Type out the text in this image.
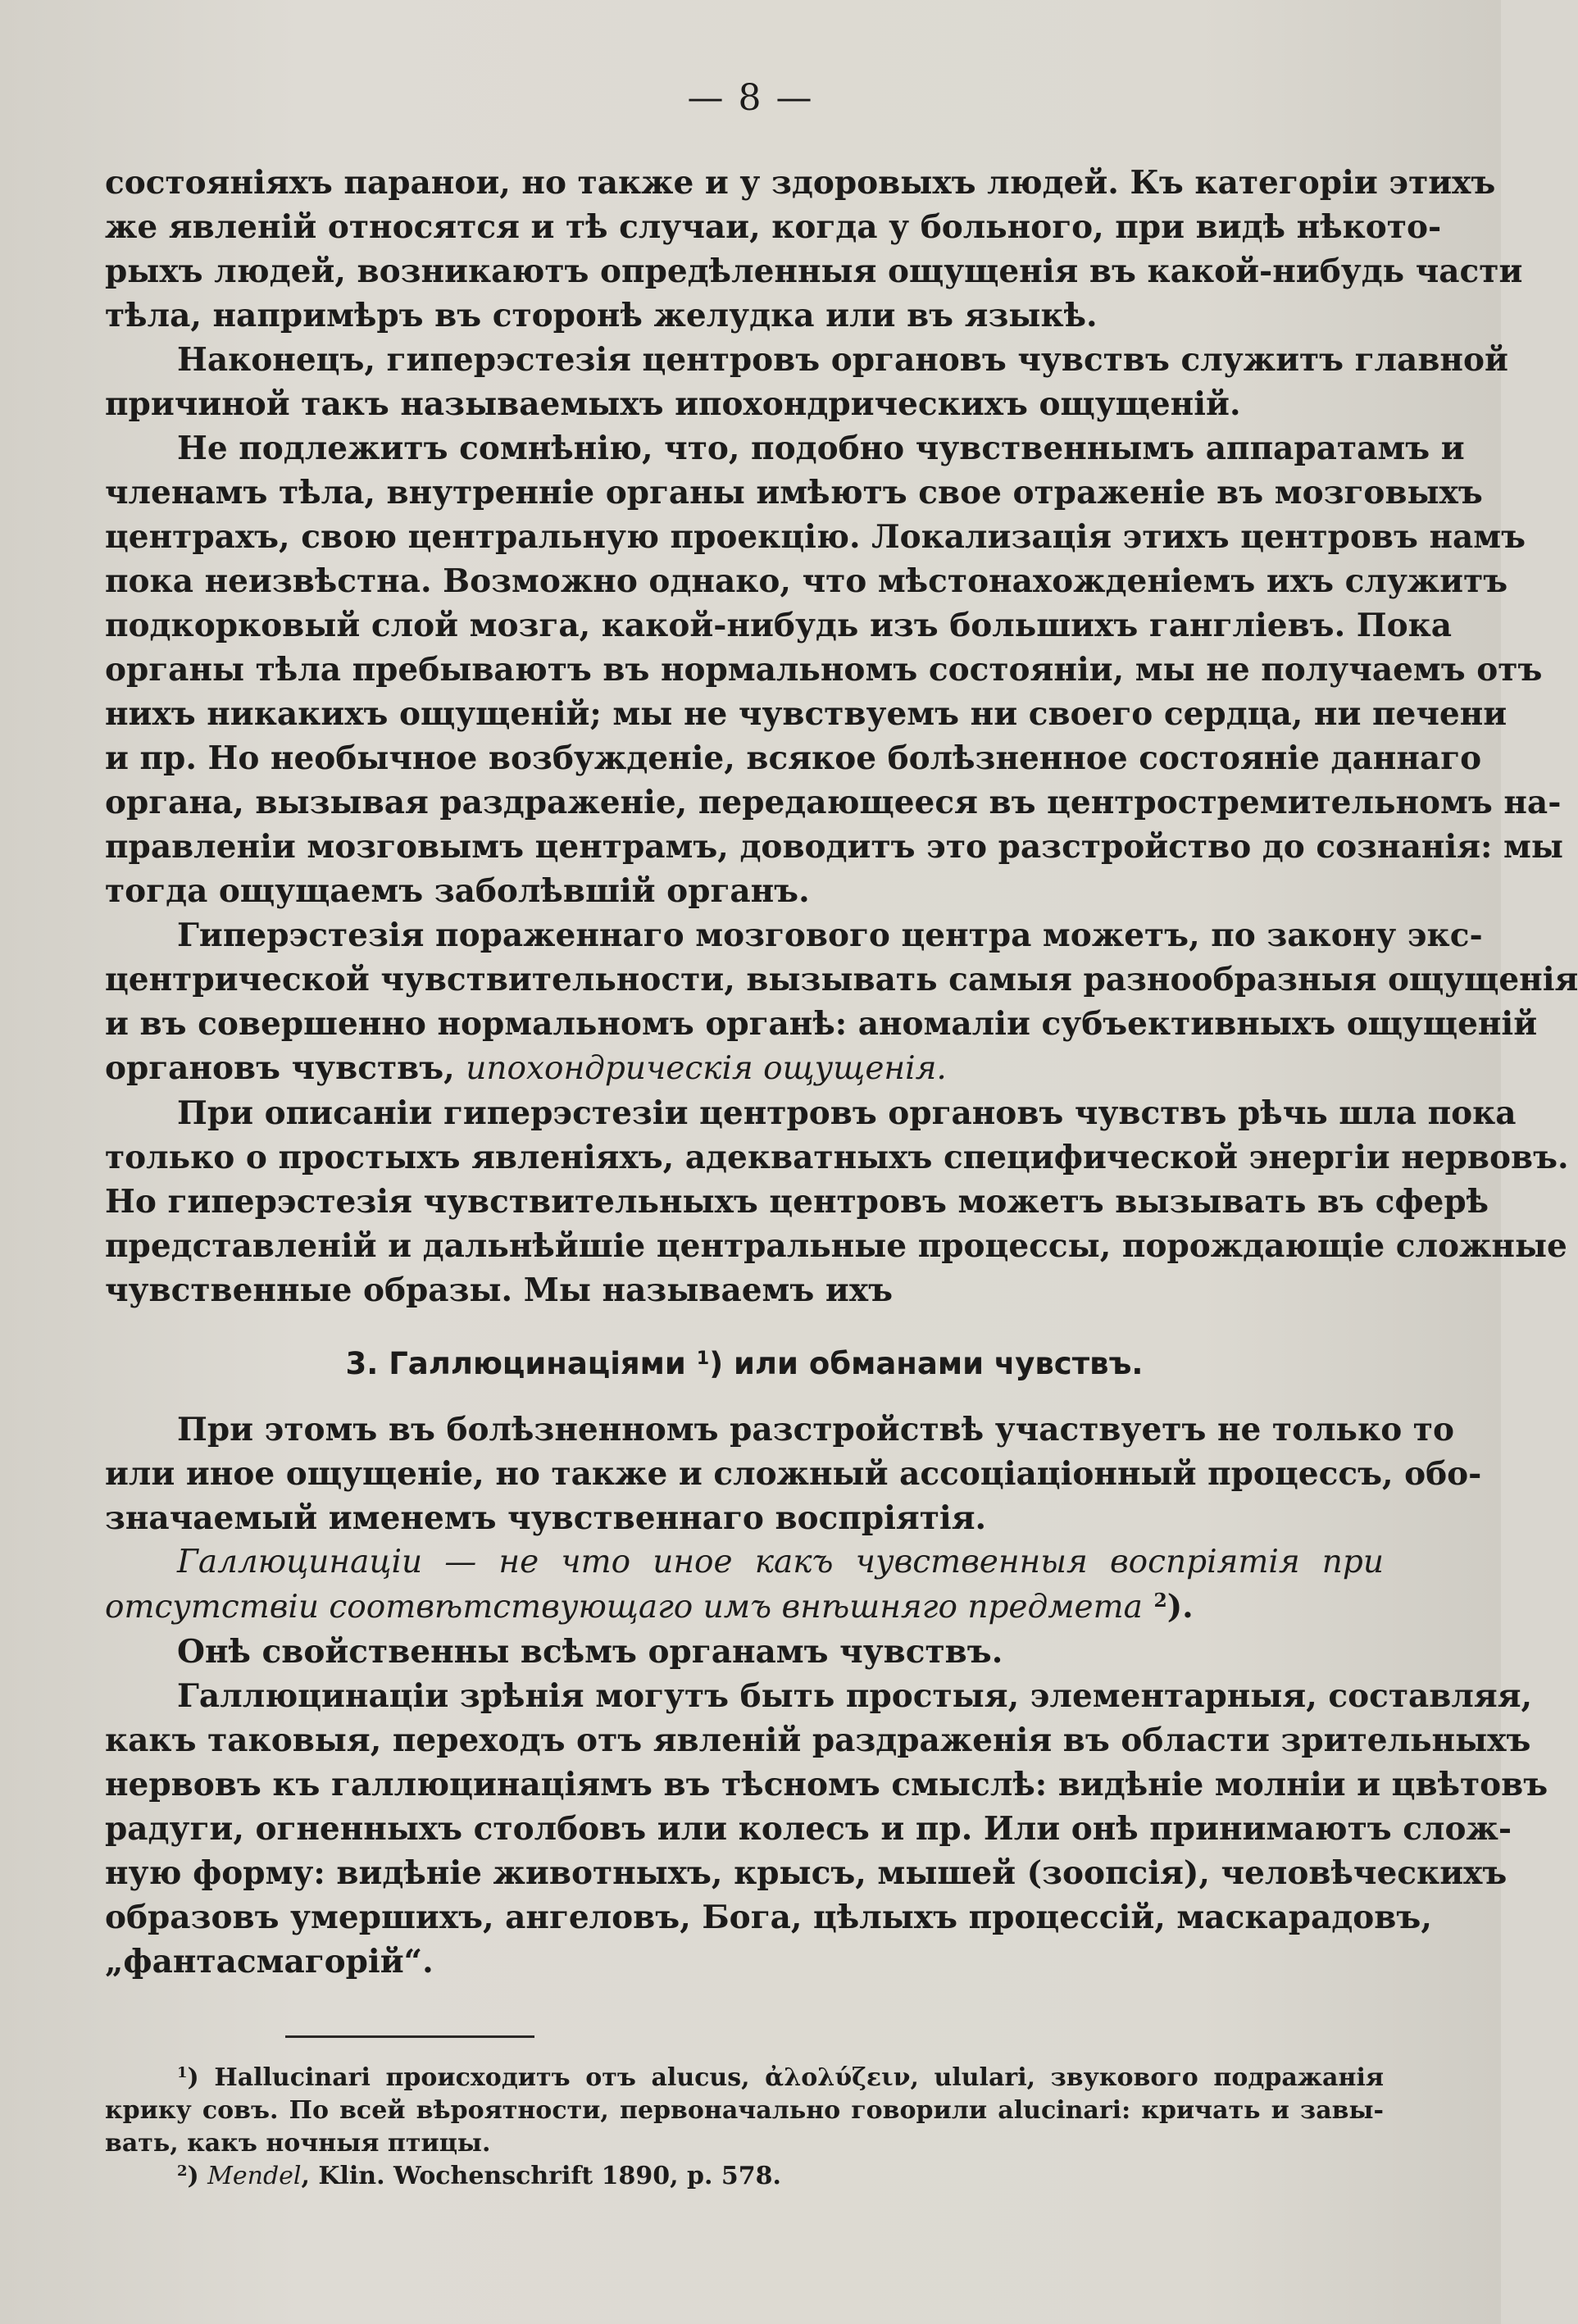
— 8 —
состояніяхъ паранои, но также и у здоровыхъ людей. Къ категоріи этихъ
же явленій относятся и тѣ случаи, когда у больного, при видѣ нѣкото-
рыхъ людей, возникаютъ опредѣленныя ощущенія въ какой-нибудь части
тѣла, напримѣръ въ сторонѣ желудка или въ языкѣ.
Наконецъ, гиперэстезія центровъ органовъ чувствъ служитъ главной
причиной такъ называемыхъ ипохондрическихъ ощущеній.
Не подлежитъ сомнѣнію, что, подобно чувственнымъ аппаратамъ и
членамъ тѣла, внутренніе органы имѣютъ свое отраженіе въ мозговыхъ
центрахъ, свою центральную проекцію. Локализація этихъ центровъ намъ
пока неизвѣстна. Возможно однако, что мѣстонахожденіемъ ихъ служитъ
подкорковый слой мозга, какой-нибудь изъ большихъ гангліевъ. Пока
органы тѣла пребываютъ въ нормальномъ состояніи, мы не получаемъ отъ
нихъ никакихъ ощущеній; мы не чувствуемъ ни своего сердца, ни печени
и пр. Но необычное возбужденіе, всякое болѣзненное состояніе даннаго
органа, вызывая раздраженіе, передающееся въ центростремительномъ на-
правленіи мозговымъ центрамъ, доводитъ это разстройство до сознанія: мы
тогда ощущаемъ заболѣвшій органъ.
Гиперэстезія пораженнаго мозгового центра можетъ, по закону экс-
центрической чувствительности, вызывать самыя разнообразныя ощущенія
и въ совершенно нормальномъ органѣ: аномаліи субъективныхъ ощущеній
органовъ чувствъ, ипохондрическія ощущенія.
При описаніи гиперэстезіи центровъ органовъ чувствъ рѣчь шла пока
только о простыхъ явленіяхъ, адекватныхъ специфической энергіи нервовъ.
Но гиперэстезія чувствительныхъ центровъ можетъ вызывать въ сферѣ
представленій и дальнѣйшіе центральные процессы, порождающіе сложные
чувственные образы. Мы называемъ ихъ
3. Галлюцинаціями $^1$) или обманами чувствъ.
При этомъ въ болѣзненномъ разстройствѣ участвуетъ не только то
или иное ощущеніе, но также и сложный ассоціаціонный процессъ, обо-
значаемый именемъ чувственнаго воспріятія.
Галлюцинаціи — не что иное какъ чувственныя воспріятія при
отсутствіи соотвѣтствующаго имъ внѣшняго предмета $^2$).
Онѣ свойственны всѣмъ органамъ чувствъ.
Галлюцинаціи зрѣнія могутъ быть простыя, элементарныя, составляя,
какъ таковыя, переходъ отъ явленій раздраженія въ области зрительныхъ
нервовъ къ галлюцинаціямъ въ тѣсномъ смыслѣ: видѣніе молніи и цвѣтовъ
радуги, огненныхъ столбовъ или колесъ и пр. Или онѣ принимаютъ слож-
ную форму: видѣніе животныхъ, крысъ, мышей (зоопсія), человѣческихъ
образовъ умершихъ, ангеловъ, Бога, цѣлыхъ процессій, маскарадовъ,
„фантасмагорій“.
$^1$) Hallucinari происходитъ отъ alucus, ἀλολύζειν, ululari, звукового подражанія
крику совъ. По всей вѣроятности, первоначально говорили alucinari: кричать и завы-
вать, какъ ночныя птицы.
$^2$) Mendel, Klin. Wochenschrift 1890, p. 578.
